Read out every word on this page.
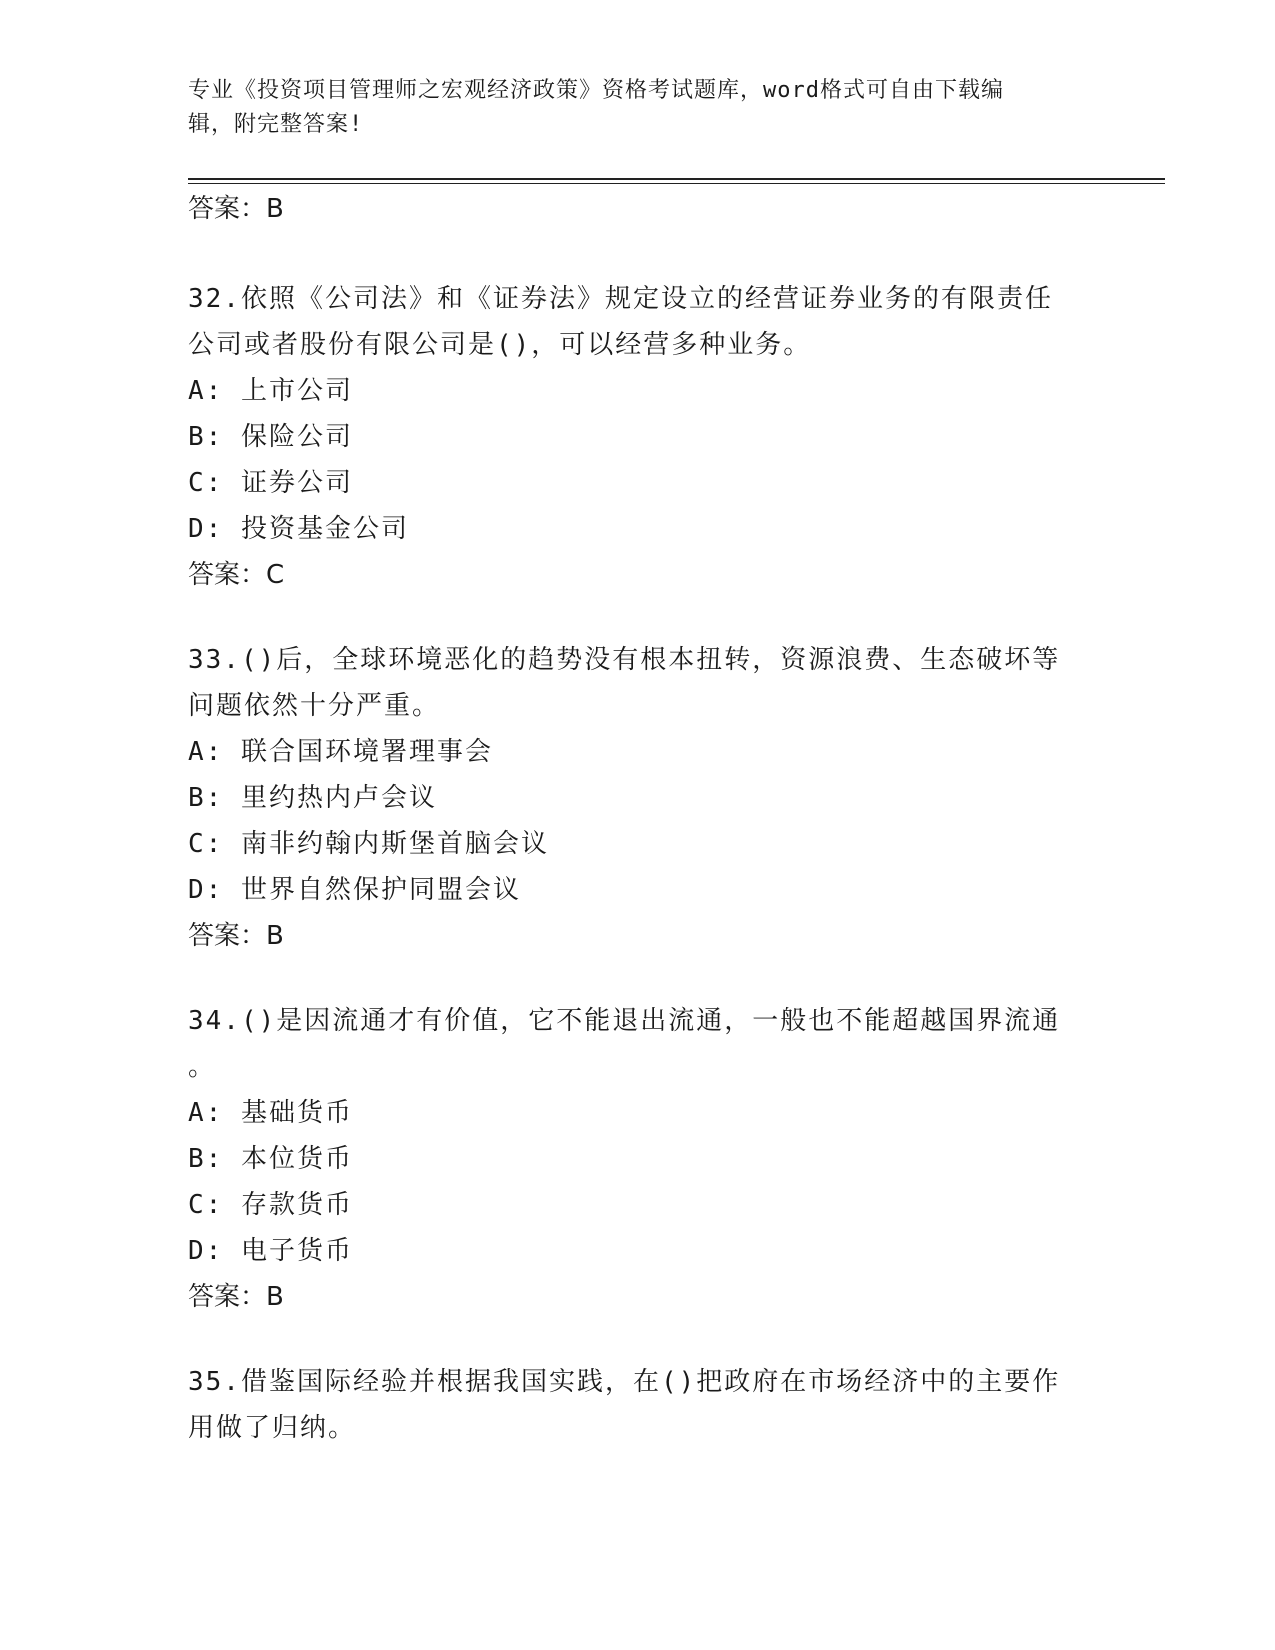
专业《投资项目管理师之宏观经济政策》资格考试题库，word格式可自由下载编
辑，附完整答案!
答案：B
32.依照《公司法》和《证券法》规定设立的经营证券业务的有限责任
公司或者股份有限公司是()，可以经营多种业务。
A: 上市公司
B: 保险公司
C: 证券公司
D: 投资基金公司
答案：C
33.()后，全球环境恶化的趋势没有根本扭转，资源浪费、生态破坏等
问题依然十分严重。
A: 联合国环境署理事会
B: 里约热内卢会议
C: 南非约翰内斯堡首脑会议
D: 世界自然保护同盟会议
答案：B
34.()是因流通才有价值，它不能退出流通，一般也不能超越国界流通
。
A: 基础货币
B: 本位货币
C: 存款货币
D: 电子货币
答案：B
35.借鉴国际经验并根据我国实践，在()把政府在市场经济中的主要作
用做了归纳。
